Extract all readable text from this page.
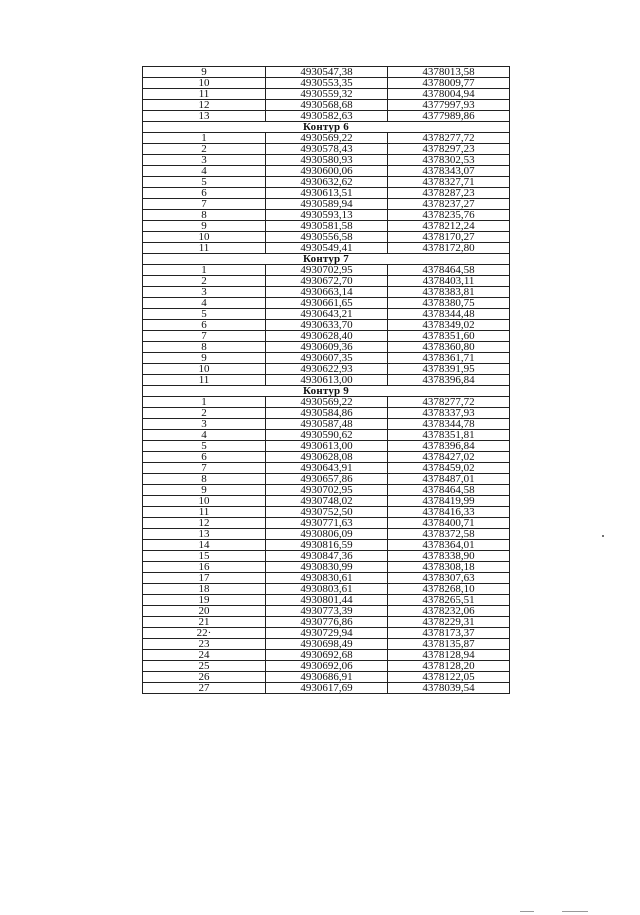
9	4930547,38	4378013,58
10	4930553,35	4378009,77
11	4930559,32	4378004,94
12	4930568,68	4377997,93
13	4930582,63	4377989,86
Контур 6		
1	4930569,22	4378277,72
2	4930578,43	4378297,23
3	4930580,93	4378302,53
4	4930600,06	4378343,07
5	4930632,62	4378327,71
6	4930613,51	4378287,23
7	4930589,94	4378237,27
8	4930593,13	4378235,76
9	4930581,58	4378212,24
10	4930556,58	4378170,27
11	4930549,41	4378172,80
Контур 7		
1	4930702,95	4378464,58
2	4930672,70	4378403,11
3	4930663,14	4378383,81
4	4930661,65	4378380,75
5	4930643,21	4378344,48
6	4930633,70	4378349,02
7	4930628,40	4378351,60
8	4930609,36	4378360,80
9	4930607,35	4378361,71
10	4930622,93	4378391,95
11	4930613,00	4378396,84
Контур 9		
1	4930569,22	4378277,72
2	4930584,86	4378337,93
3	4930587,48	4378344,78
4	4930590,62	4378351,81
5	4930613,00	4378396,84
6	4930628,08	4378427,02
7	4930643,91	4378459,02
8	4930657,86	4378487,01
9	4930702,95	4378464,58
10	4930748,02	4378419,99
11	4930752,50	4378416,33
12	4930771,63	4378400,71
13	4930806,09	4378372,58
14	4930816,59	4378364,01
15	4930847,36	4378338,90
16	4930830,99	4378308,18
17	4930830,61	4378307,63
18	4930803,61	4378268,10
19	4930801,44	4378265,51
20	4930773,39	4378232,06
21	4930776,86	4378229,31
22·	4930729,94	4378173,37
23	4930698,49	4378135,87
24	4930692,68	4378128,94
25	4930692,06	4378128,20
26	4930686,91	4378122,05
27	4930617,69	4378039,54
